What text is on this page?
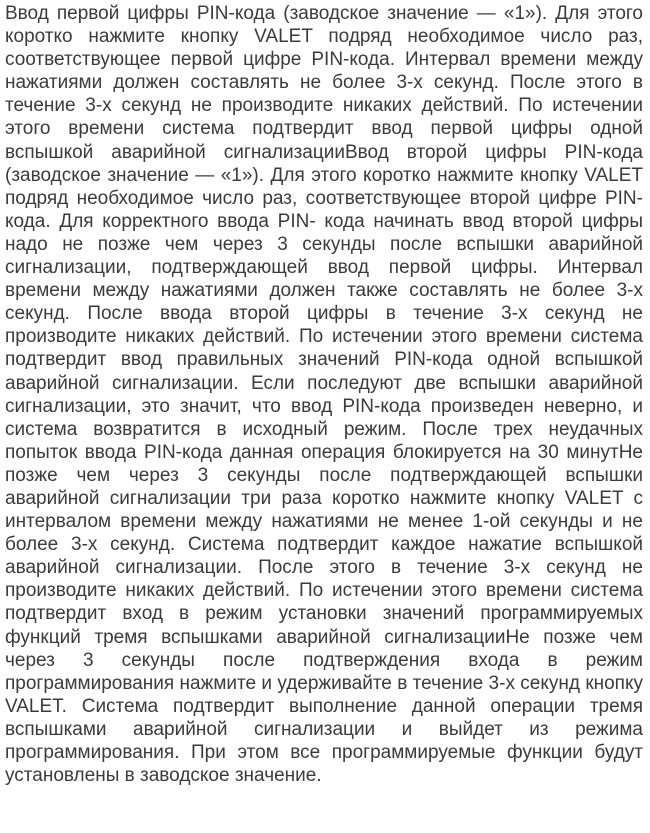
Ввод первой цифры PIN-кода (заводское значение — «1»). Для этого коротко нажмите кнопку VALET подряд необходимое число раз, соответствующее первой цифре PIN-кода. Интервал времени между нажатиями должен составлять не более 3-х секунд. После этого в течение 3-х секунд не производите никаких действий. По истечении этого времени система подтвердит ввод первой цифры одной вспышкой аварийной сигнализацииВвод второй цифры PIN-кода (заводское значение — «1»). Для этого коротко нажмите кнопку VALET подряд необходимое число раз, соответствующее второй цифре PIN-кода. Для корректного ввода PIN- кода начинать ввод второй цифры надо не позже чем через 3 секунды после вспышки аварийной сигнализации, подтверждающей ввод первой цифры. Интервал времени между нажатиями должен также составлять не более 3-х секунд. После ввода второй цифры в течение 3-х секунд не производите никаких действий. По истечении этого времени система подтвердит ввод правильных значений PIN-кода одной вспышкой аварийной сигнализации. Если последуют две вспышки аварийной сигнализации, это значит, что ввод PIN-кода произведен неверно, и система возвратится в исходный режим. После трех неудачных попыток ввода PIN-кода данная операция блокируется на 30 минутНе позже чем через 3 секунды после подтверждающей вспышки аварийной сигнализации три раза коротко нажмите кнопку VALET с интервалом времени между нажатиями не менее 1-ой секунды и не более 3-х секунд. Система подтвердит каждое нажатие вспышкой аварийной сигнализации. После этого в течение 3-х секунд не производите никаких действий. По истечении этого времени система подтвердит вход в режим установки значений программируемых функций тремя вспышками аварийной сигнализацииНе позже чем через 3 секунды после подтверждения входа в режим программирования нажмите и удерживайте в течение 3-х секунд кнопку VALET. Система подтвердит выполнение данной операции тремя вспышками аварийной сигнализации и выйдет из режима программирования. При этом все программируемые функции будут установлены в заводское значение.
